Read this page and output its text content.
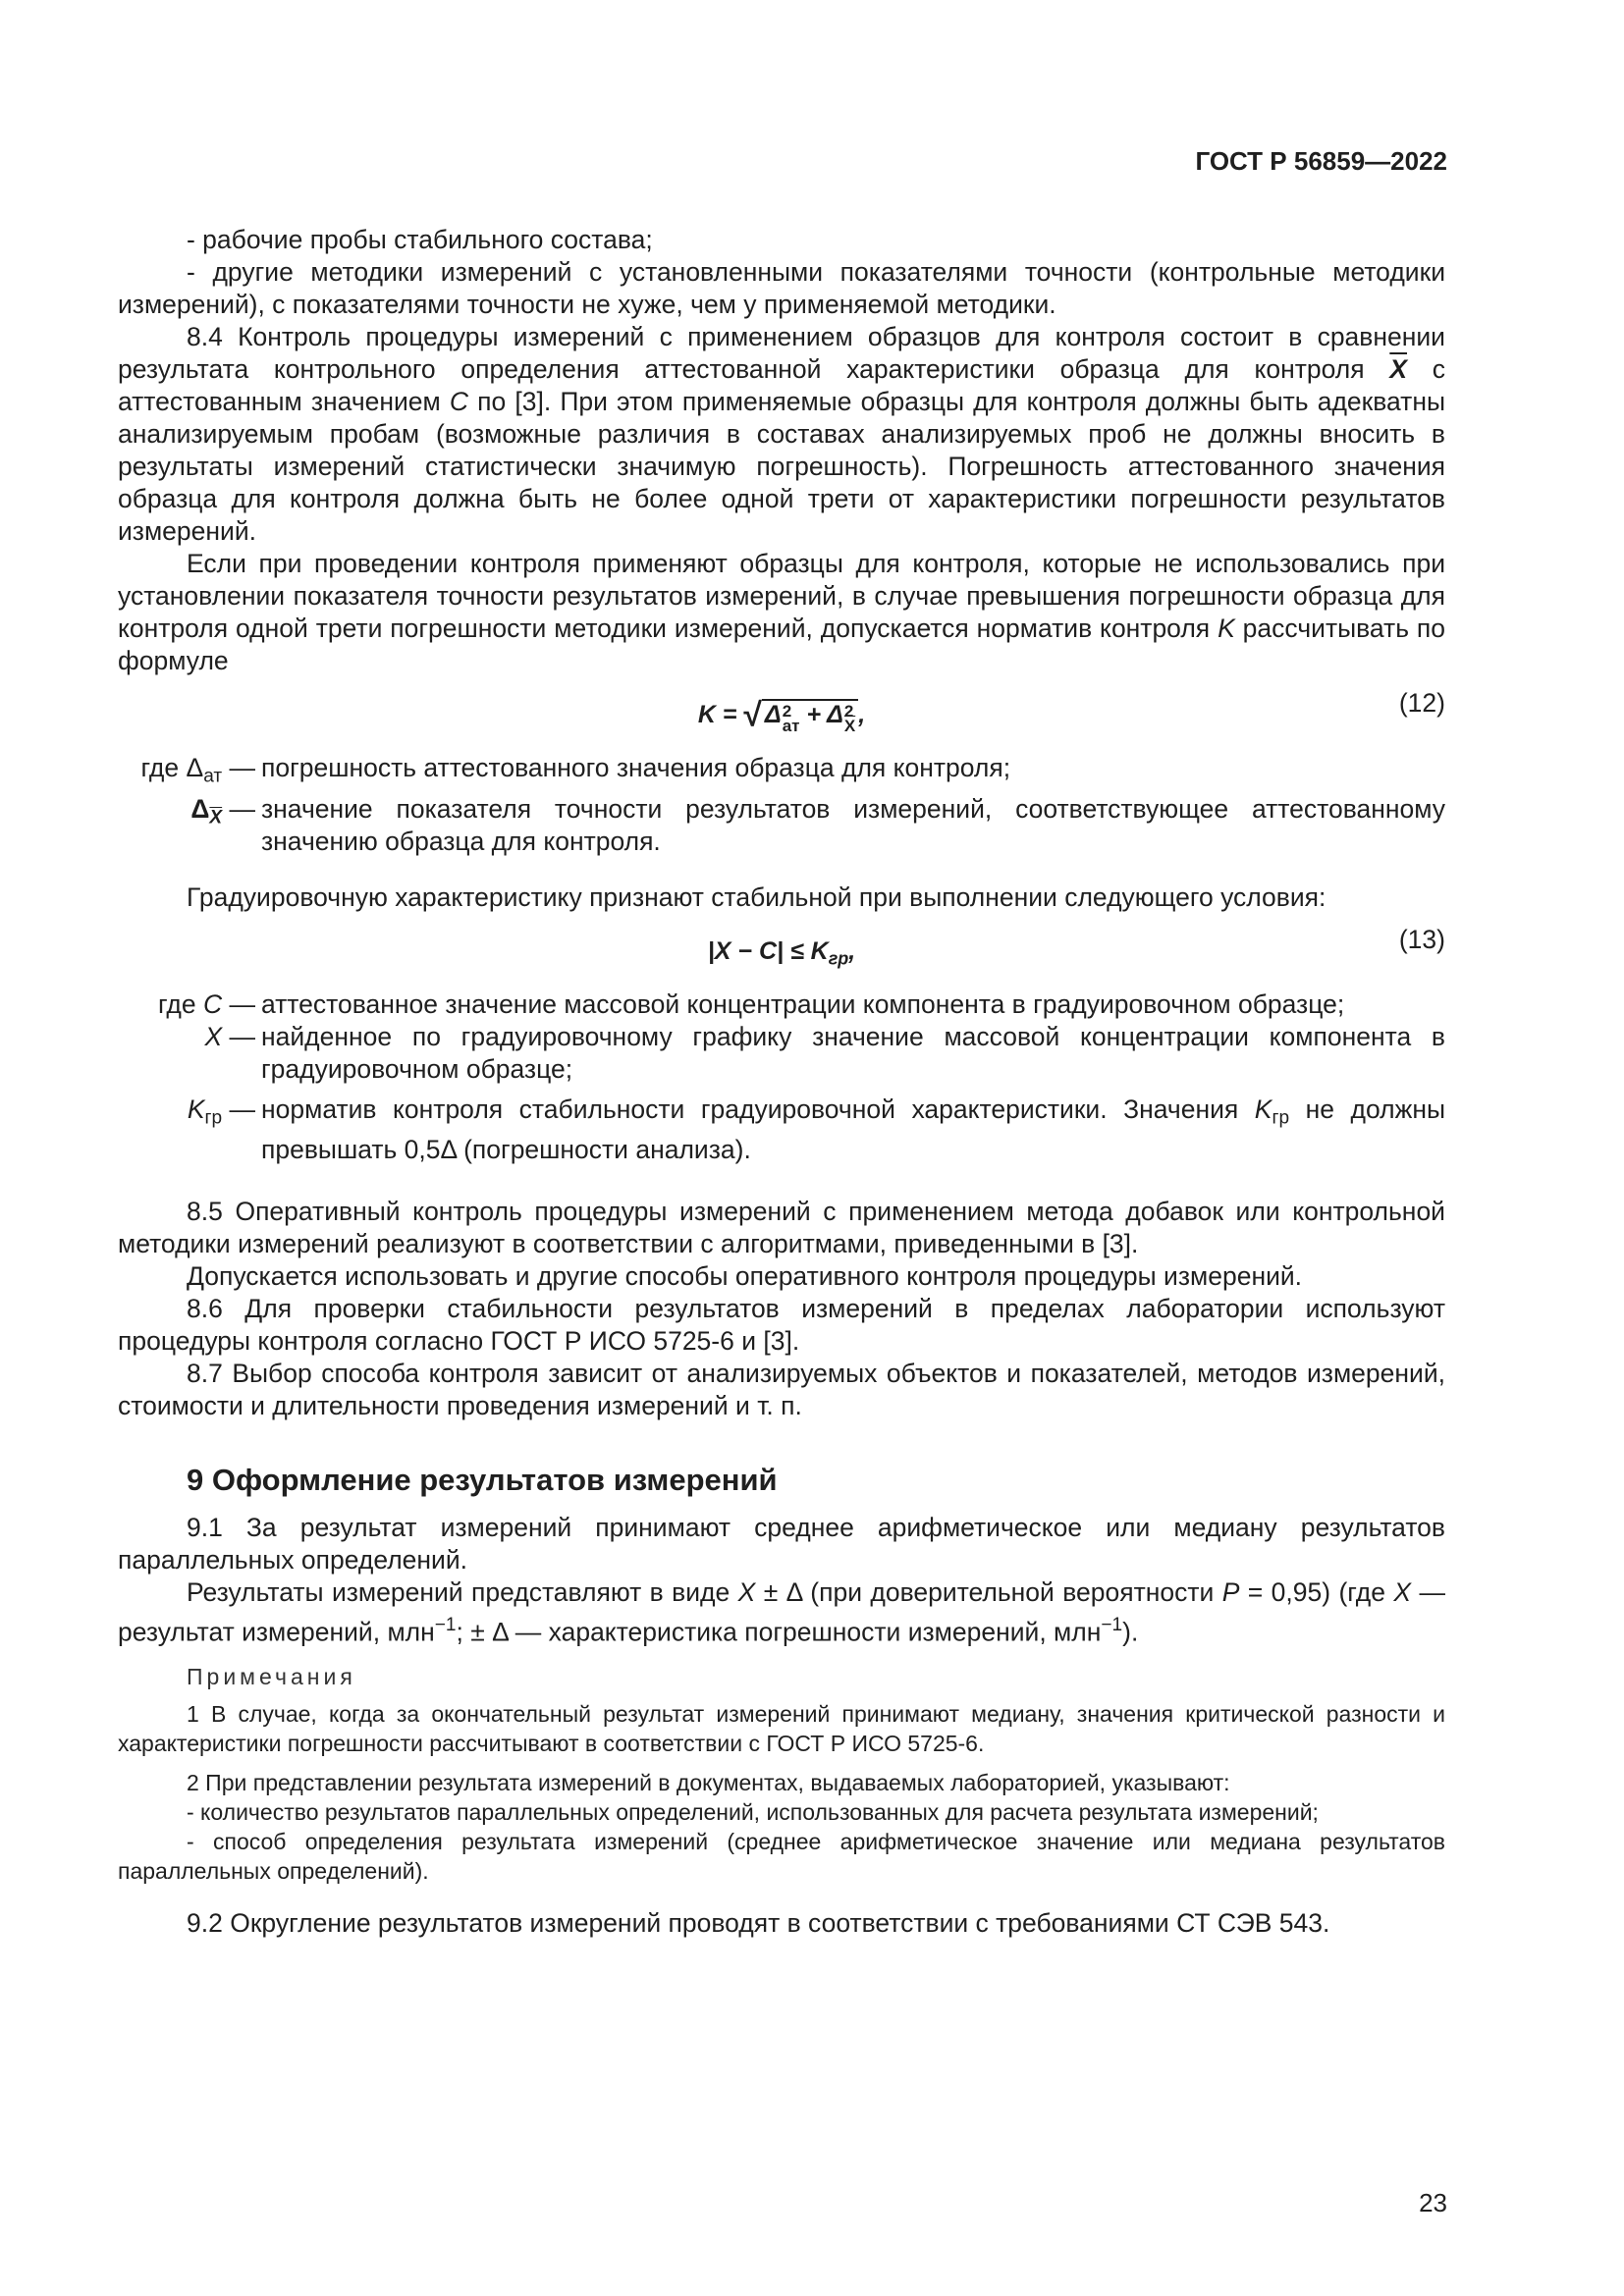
ГОСТ Р 56859—2022

- рабочие пробы стабильного состава;

- другие методики измерений с установленными показателями точности (контрольные методики измерений), с показателями точности не хуже, чем у применяемой методики.

8.4 Контроль процедуры измерений с применением образцов для контроля состоит в сравнении результата контрольного определения аттестованной характеристики образца для контроля $\overline{X}$ с аттестованным значением C по [3]. При этом применяемые образцы для контроля должны быть адекватны анализируемым пробам (возможные различия в составах анализируемых проб не должны вносить в результаты измерений статистически значимую погрешность). Погрешность аттестованного значения образца для контроля должна быть не более одной трети от характеристики погрешности результатов измерений.

Если при проведении контроля применяют образцы для контроля, которые не использовались при установлении показателя точности результатов измерений, в случае превышения погрешности образца для контроля одной трети погрешности методики измерений, допускается норматив контроля K рассчитывать по формуле

K = √ Δ 2
ат + Δ $\frac{2}{X}$ ,	(12)
где $\Delta_{ат}$ — погрешность аттестованного значения образца для контроля;
$\Delta_{\overline{X}}$ — значение показателя точности результатов измерений, соответствующее аттестованному значению образца для контроля.

Градуировочную характеристику признают стабильной при выполнении следующего условия:

$|X - C| \le K_{гр}$,	(13)
где C — аттестованное значение массовой концентрации компонента в градуировочном образце;
X — найденное по градуировочному графику значение массовой концентрации компонента в градуировочном образце;
$K_{гр}$ — норматив контроля стабильности градуировочной характеристики. Значения $K_{гр}$ не должны превышать 0,5Δ (погрешности анализа).

8.5 Оперативный контроль процедуры измерений с применением метода добавок или контрольной методики измерений реализуют в соответствии с алгоритмами, приведенными в [3].

Допускается использовать и другие способы оперативного контроля процедуры измерений.

8.6 Для проверки стабильности результатов измерений в пределах лаборатории используют процедуры контроля согласно ГОСТ Р ИСО 5725-6 и [3].

8.7 Выбор способа контроля зависит от анализируемых объектов и показателей, методов измерений, стоимости и длительности проведения измерений и т. п.

9 Оформление результатов измерений

9.1 За результат измерений принимают среднее арифметическое или медиану результатов параллельных определений.

Результаты измерений представляют в виде X ± Δ (при доверительной вероятности P = 0,95) (где X — результат измерений, млн$^{-1}$; ± Δ — характеристика погрешности измерений, млн$^{-1}$).

Примечания

1 В случае, когда за окончательный результат измерений принимают медиану, значения критической разности и характеристики погрешности рассчитывают в соответствии с ГОСТ Р ИСО 5725-6.

2 При представлении результата измерений в документах, выдаваемых лабораторией, указывают:

- количество результатов параллельных определений, использованных для расчета результата измерений;

- способ определения результата измерений (среднее арифметическое значение или медиана результатов параллельных определений).

9.2 Округление результатов измерений проводят в соответствии с требованиями СТ СЭВ 543.

23
